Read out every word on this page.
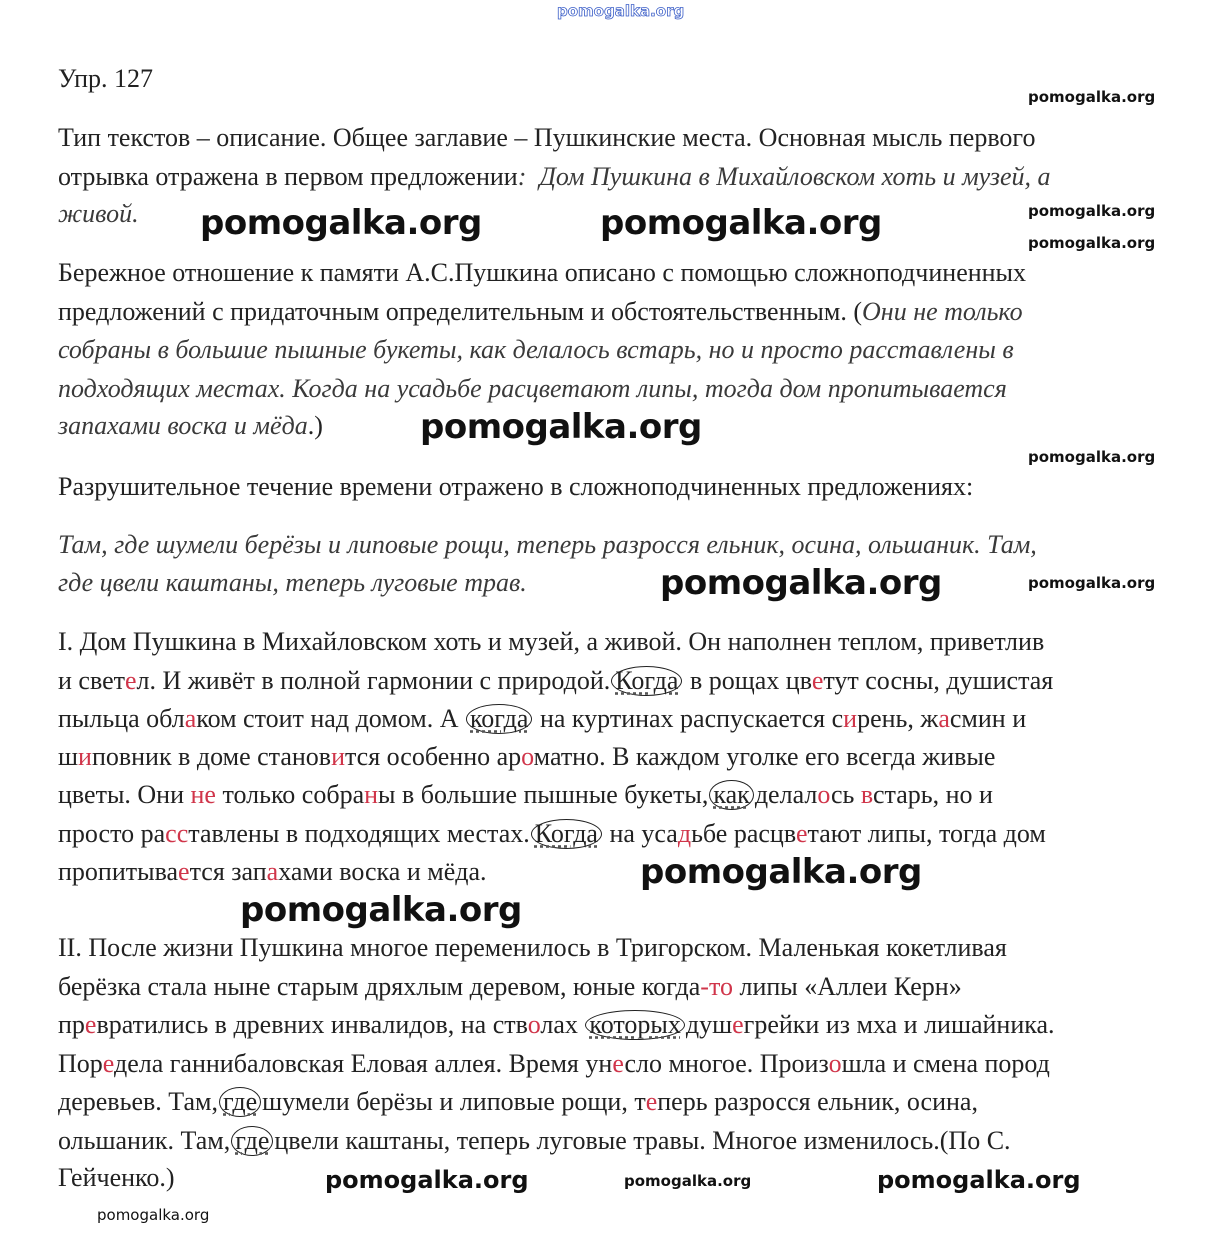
pomogalka.org
Упр. 127
Тип текстов – описание. Общее заглавие – Пушкинские места. Основная мысль первого
отрывка отражена в первом предложении:  Дом Пушкина в Михайловском хоть и музей, а
живой.
Бережное отношение к памяти А.С.Пушкина описано с помощью сложноподчиненных
предложений с придаточным определительным и обстоятельственным. (Они не только
собраны в большие пышные букеты, как делалось встарь, но и просто расставлены в
подходящих местах. Когда на усадьбе расцветают липы, тогда дом пропитывается
запахами воска и мёда.)
Разрушительное течение времени отражено в сложноподчиненных предложениях:
Там, где шумели берёзы и липовые рощи, теперь разросся ельник, осина, ольшаник. Там,
где цвели каштаны, теперь луговые трав.
I. Дом Пушкина в Михайловском хоть и музей, а живой. Он наполнен теплом, приветлив
и светел. И живёт в полной гармонии с природой. Когда в рощах цветут сосны, душистая
пыльца облаком стоит над домом. А когда на куртинах распускается сирень, жасмин и
шиповник в доме становится особенно ароматно. В каждом уголке его всегда живые
цветы. Они не только собраны в большие пышные букеты, как делалось встарь, но и
просто расставлены в подходящих местах. Когда на усадьбе расцветают липы, тогда дом
пропитывается запахами воска и мёда.
II. После жизни Пушкина многое переменилось в Тригорском. Маленькая кокетливая
берёзка стала ныне старым дряхлым деревом, юные когда-то липы «Аллеи Керн»
превратились в древних инвалидов, на стволах которых душегрейки из мха и лишайника.
Поредела ганнибаловская Еловая аллея. Время унесло многое. Произошла и смена пород
деревьев. Там, где шумели берёзы и липовые рощи, теперь разросся ельник, осина,
ольшаник. Там, где цвели каштаны, теперь луговые травы. Многое изменилось.(По С.
Гейченко.)
pomogalka.org
pomogalka.org
pomogalka.org
pomogalka.org
pomogalka.org
pomogalka.org	pomogalka.org
pomogalka.org
pomogalka.org
pomogalka.org
pomogalka.org
pomogalka.org	pomogalka.org
pomogalka.org
pomogalka.org
